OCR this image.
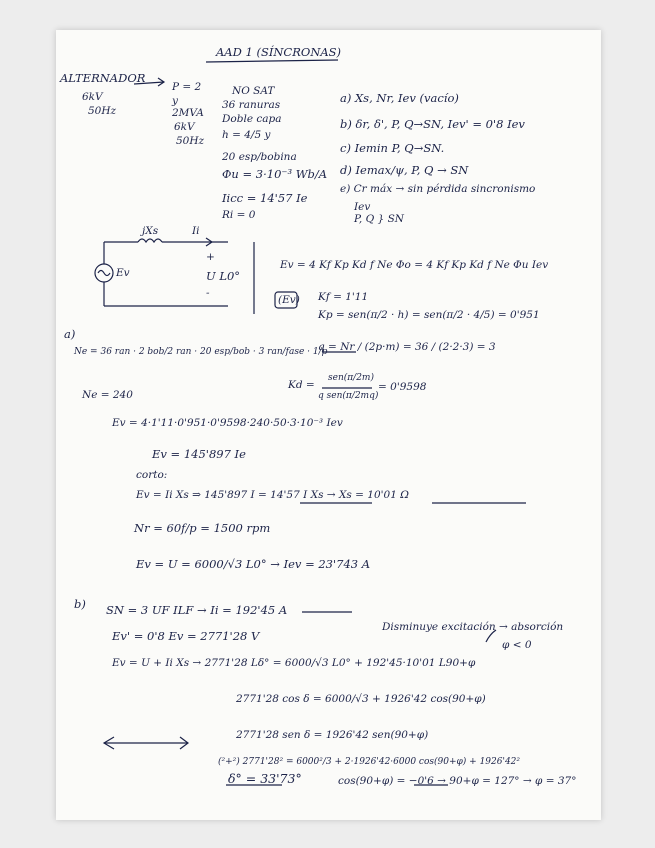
AAD 1 (SÍNCRONAS)
ALTERNADOR
6kV
50Hz
P = 2
y
2MVA
6kV
50Hz
NO SAT
36 ranuras
Doble capa
h = 4/5 y
20 esp/bobina
Φu = 3·10⁻³ Wb/A
Iicc = 14'57 Ie
Ri = 0
a) Xs, Nr, Iev (vacío)
b) δr, δ', P, Q→SN, Iev' = 0'8 Iev
c) Iemin P, Q→SN.
d) Iemax/ψ, P, Q → SN
e) Cr máx → sin pérdida sincronismo
Iev
P, Q } SN
jXs	Ii
Ev
+
-
U L0°
Ev = 4 Kf Kp Kd f Ne Φo = 4 Kf Kp Kd f Ne Φu Iev
(Ev) Kf = 1'11
Kp = sen(π/2 · h) = sen(π/2 · 4/5) = 0'951
a)
Ne = 36 ran · 2 bob/2 ran · 20 esp/bob · 3 ran/fase · 1/p
q = Nr / (2p·m) = 36 / (2·2·3) = 3
Ne = 240
Kd =
sen(π/2m)
q sen(π/2mq)
= 0'9598
Ev = 4·1'11·0'951·0'9598·240·50·3·10⁻³ Iev
Ev = 145'897 Ie
corto:
Ev = Ii Xs ⇒ 145'897 I = 14'57 I Xs → Xs = 10'01 Ω
Nr = 60f/p = 1500 rpm
Ev = U = 6000/√3 L0° → Iev = 23'743 A
b) SN = 3 UF ILF → Ii = 192'45 A
Ev' = 0'8 Ev = 2771'28 V
Disminuye excitación → absorción
φ < 0
Ev = U + Ii Xs → 2771'28 Lδ° = 6000/√3 L0° + 192'45·10'01 L90+φ
2771'28 cos δ = 6000/√3 + 1926'42 cos(90+φ)
2771'28 sen δ = 1926'42 sen(90+φ)
(²+²) 2771'28² = 6000²/3 + 2·1926'42·6000 cos(90+φ) + 1926'42²
δ° = 33'73°	cos(90+φ) = −0'6 → 90+φ = 127° → φ = 37°
